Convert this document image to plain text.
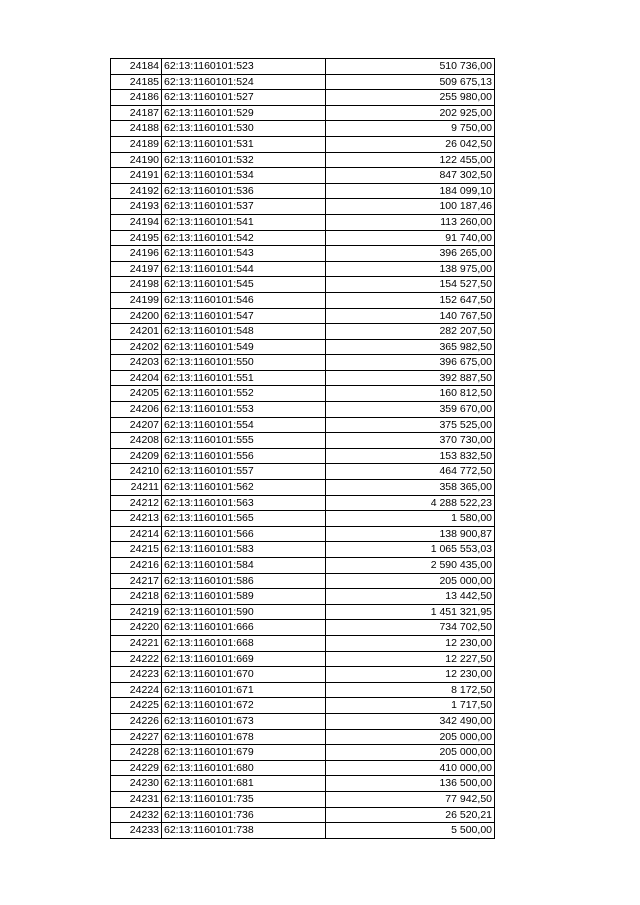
24184	62:13:1160101:523	510 736,00
24185	62:13:1160101:524	509 675,13
24186	62:13:1160101:527	255 980,00
24187	62:13:1160101:529	202 925,00
24188	62:13:1160101:530	9 750,00
24189	62:13:1160101:531	26 042,50
24190	62:13:1160101:532	122 455,00
24191	62:13:1160101:534	847 302,50
24192	62:13:1160101:536	184 099,10
24193	62:13:1160101:537	100 187,46
24194	62:13:1160101:541	113 260,00
24195	62:13:1160101:542	91 740,00
24196	62:13:1160101:543	396 265,00
24197	62:13:1160101:544	138 975,00
24198	62:13:1160101:545	154 527,50
24199	62:13:1160101:546	152 647,50
24200	62:13:1160101:547	140 767,50
24201	62:13:1160101:548	282 207,50
24202	62:13:1160101:549	365 982,50
24203	62:13:1160101:550	396 675,00
24204	62:13:1160101:551	392 887,50
24205	62:13:1160101:552	160 812,50
24206	62:13:1160101:553	359 670,00
24207	62:13:1160101:554	375 525,00
24208	62:13:1160101:555	370 730,00
24209	62:13:1160101:556	153 832,50
24210	62:13:1160101:557	464 772,50
24211	62:13:1160101:562	358 365,00
24212	62:13:1160101:563	4 288 522,23
24213	62:13:1160101:565	1 580,00
24214	62:13:1160101:566	138 900,87
24215	62:13:1160101:583	1 065 553,03
24216	62:13:1160101:584	2 590 435,00
24217	62:13:1160101:586	205 000,00
24218	62:13:1160101:589	13 442,50
24219	62:13:1160101:590	1 451 321,95
24220	62:13:1160101:666	734 702,50
24221	62:13:1160101:668	12 230,00
24222	62:13:1160101:669	12 227,50
24223	62:13:1160101:670	12 230,00
24224	62:13:1160101:671	8 172,50
24225	62:13:1160101:672	1 717,50
24226	62:13:1160101:673	342 490,00
24227	62:13:1160101:678	205 000,00
24228	62:13:1160101:679	205 000,00
24229	62:13:1160101:680	410 000,00
24230	62:13:1160101:681	136 500,00
24231	62:13:1160101:735	77 942,50
24232	62:13:1160101:736	26 520,21
24233	62:13:1160101:738	5 500,00
